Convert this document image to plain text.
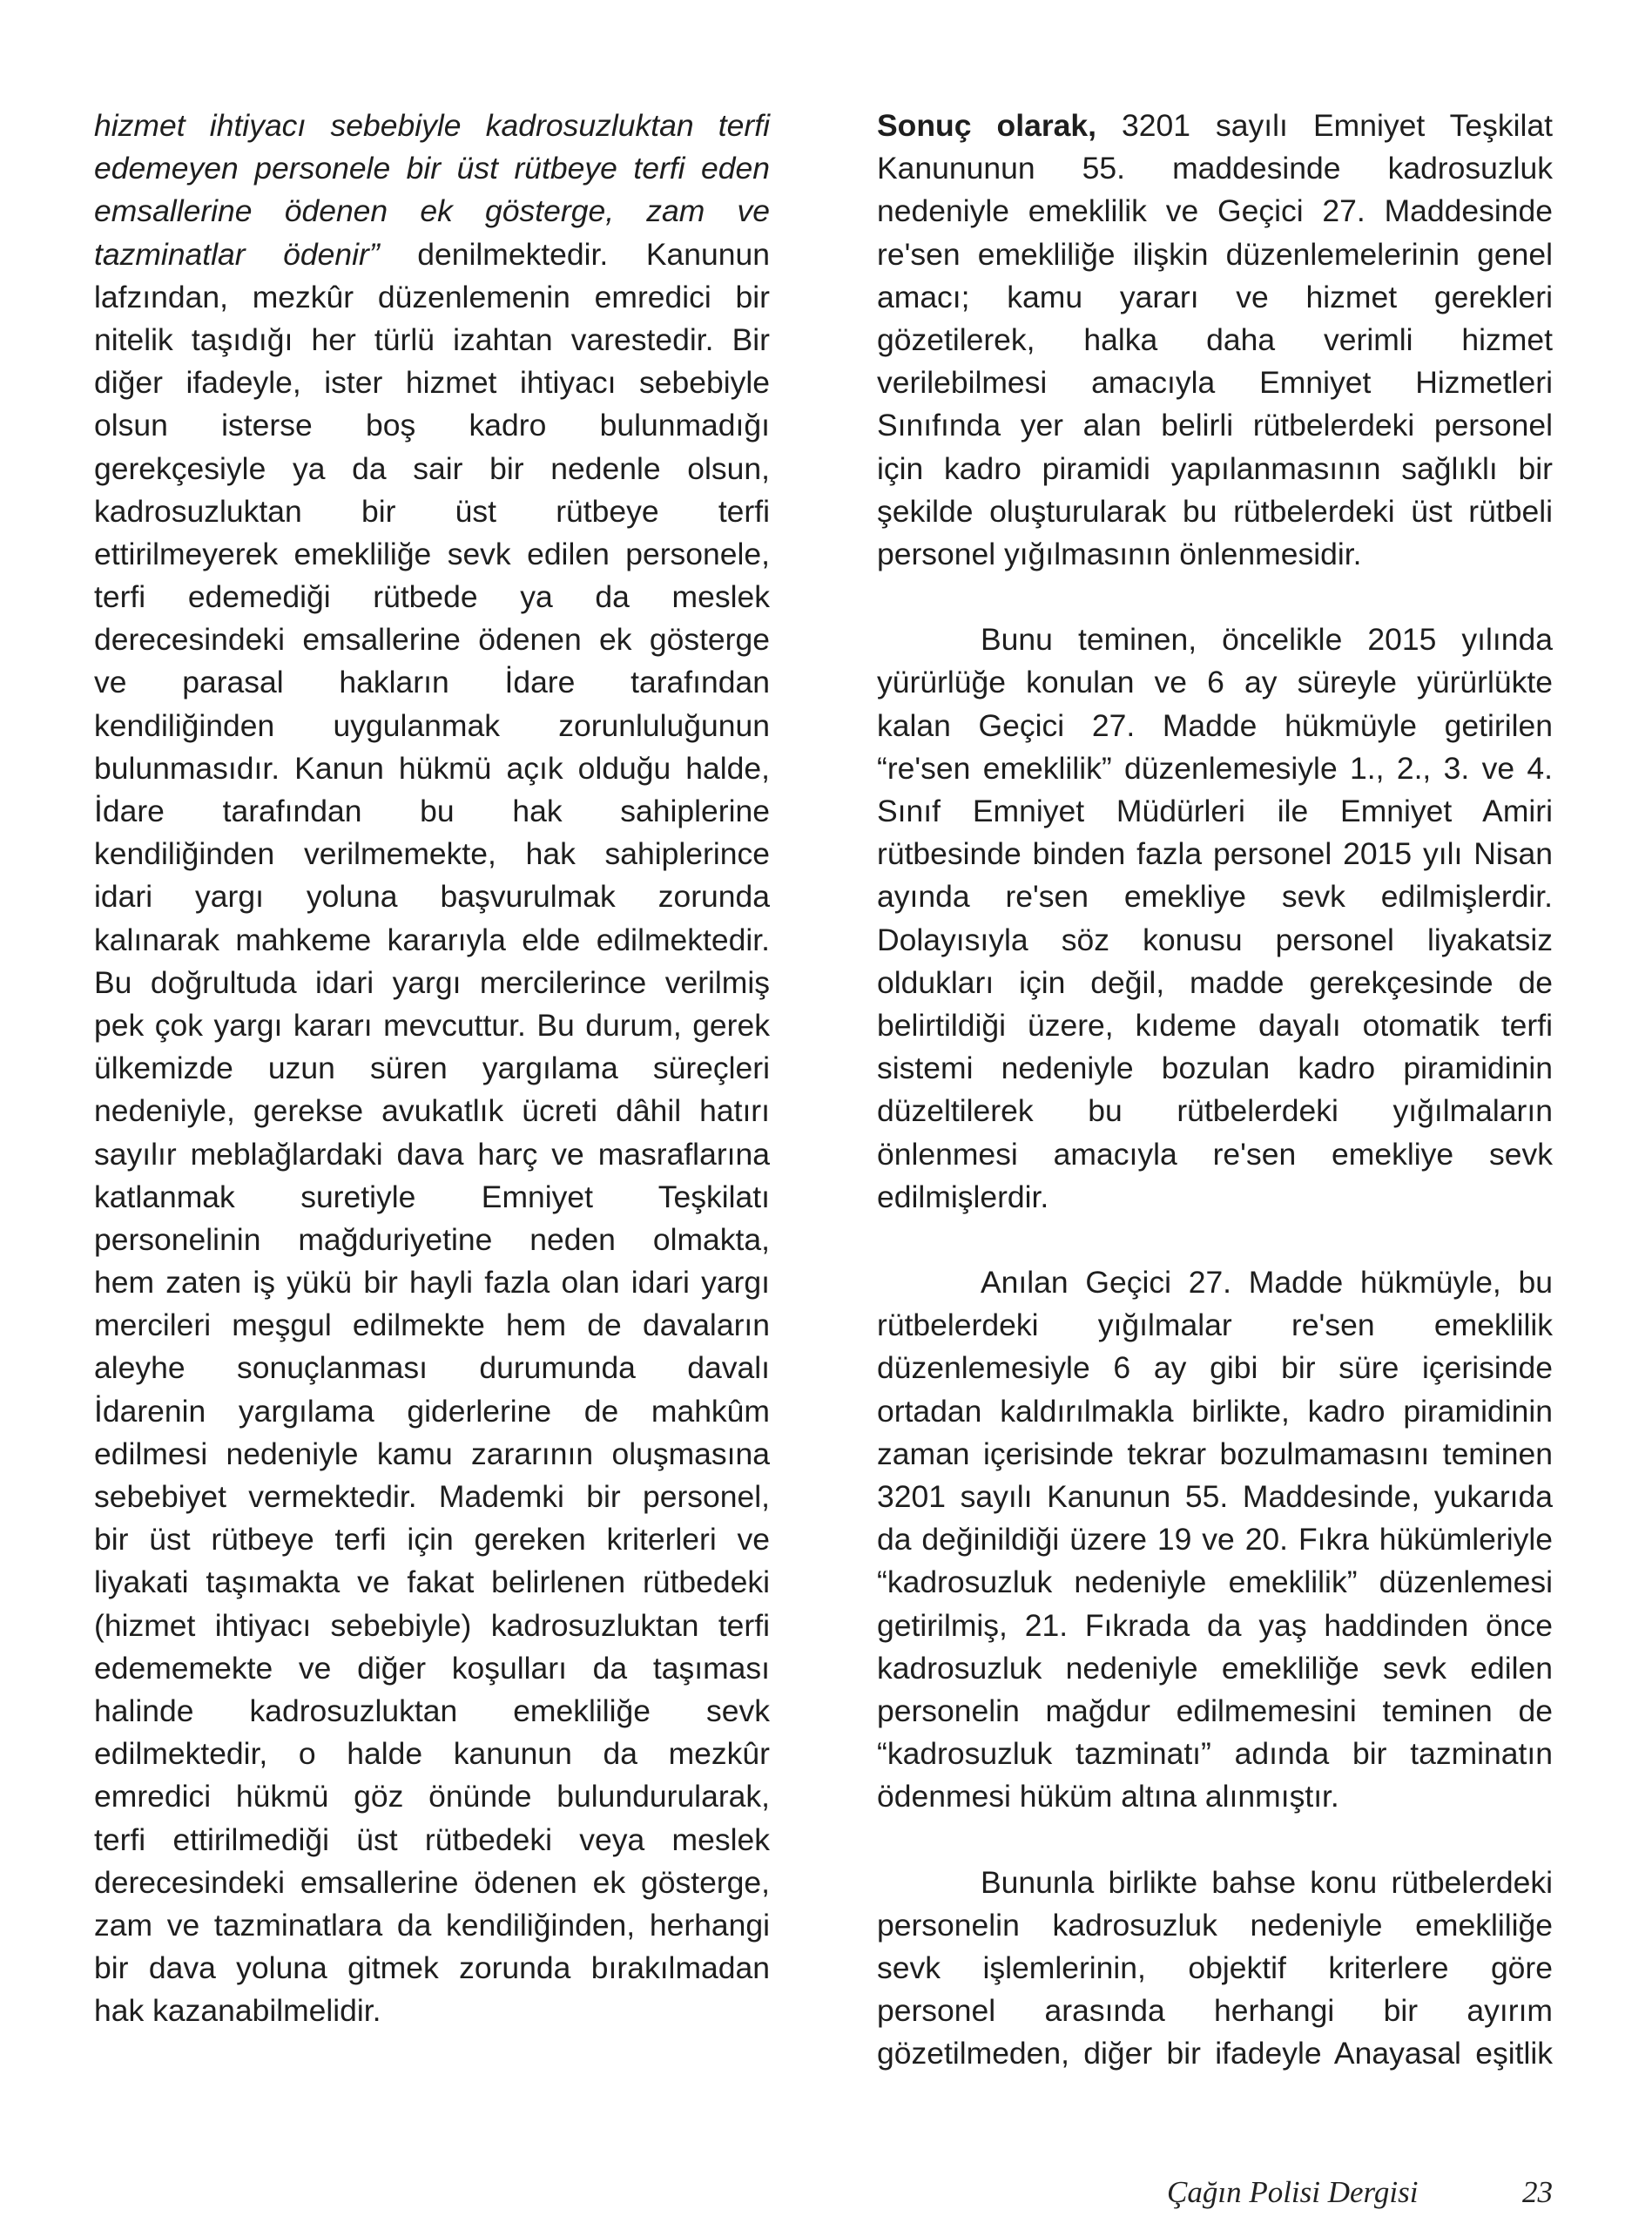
hizmet ihtiyacı sebebiyle kadrosuzluktan terfi
edemeyen personele bir üst rütbeye terfi eden
emsallerine ödenen ek gösterge, zam ve
tazminatlar ödenir” denilmektedir. Kanunun
lafzından, mezkûr düzenlemenin emredici bir
nitelik taşıdığı her türlü izahtan varestedir. Bir
diğer ifadeyle, ister hizmet ihtiyacı sebebiyle
olsun isterse boş kadro bulunmadığı
gerekçesiyle ya da sair bir nedenle olsun,
kadrosuzluktan bir üst rütbeye terfi
ettirilmeyerek emekliliğe sevk edilen personele,
terfi edemediği rütbede ya da meslek
derecesindeki emsallerine ödenen ek gösterge
ve parasal hakların İdare tarafından
kendiliğinden uygulanmak zorunluluğunun
bulunmasıdır. Kanun hükmü açık olduğu halde,
İdare tarafından bu hak sahiplerine
kendiliğinden verilmemekte, hak sahiplerince
idari yargı yoluna başvurulmak zorunda
kalınarak mahkeme kararıyla elde edilmektedir.
Bu doğrultuda idari yargı mercilerince verilmiş
pek çok yargı kararı mevcuttur. Bu durum, gerek
ülkemizde uzun süren yargılama süreçleri
nedeniyle, gerekse avukatlık ücreti dâhil hatırı
sayılır meblağlardaki dava harç ve masraflarına
katlanmak suretiyle Emniyet Teşkilatı
personelinin mağduriyetine neden olmakta,
hem zaten iş yükü bir hayli fazla olan idari yargı
mercileri meşgul edilmekte hem de davaların
aleyhe sonuçlanması durumunda davalı
İdarenin yargılama giderlerine de mahkûm
edilmesi nedeniyle kamu zararının oluşmasına
sebebiyet vermektedir. Mademki bir personel,
bir üst rütbeye terfi için gereken kriterleri ve
liyakati taşımakta ve fakat belirlenen rütbedeki
(hizmet ihtiyacı sebebiyle) kadrosuzluktan terfi
edememekte ve diğer koşulları da taşıması
halinde kadrosuzluktan emekliliğe sevk
edilmektedir, o halde kanunun da mezkûr
emredici hükmü göz önünde bulundurularak,
terfi ettirilmediği üst rütbedeki veya meslek
derecesindeki emsallerine ödenen ek gösterge,
zam ve tazminatlara da kendiliğinden, herhangi
bir dava yoluna gitmek zorunda bırakılmadan
hak kazanabilmelidir.
Sonuç olarak, 3201 sayılı Emniyet Teşkilat
Kanununun 55. maddesinde kadrosuzluk
nedeniyle emeklilik ve Geçici 27. Maddesinde
re'sen emekliliğe ilişkin düzenlemelerinin genel
amacı; kamu yararı ve hizmet gerekleri
gözetilerek, halka daha verimli hizmet
verilebilmesi amacıyla Emniyet Hizmetleri
Sınıfında yer alan belirli rütbelerdeki personel
için kadro piramidi yapılanmasının sağlıklı bir
şekilde oluşturularak bu rütbelerdeki üst rütbeli
personel yığılmasının önlenmesidir.
Bunu teminen, öncelikle 2015 yılında
yürürlüğe konulan ve 6 ay süreyle yürürlükte
kalan Geçici 27. Madde hükmüyle getirilen
“re'sen emeklilik” düzenlemesiyle 1., 2., 3. ve 4.
Sınıf Emniyet Müdürleri ile Emniyet Amiri
rütbesinde binden fazla personel 2015 yılı Nisan
ayında re'sen emekliye sevk edilmişlerdir.
Dolayısıyla söz konusu personel liyakatsiz
oldukları için değil, madde gerekçesinde de
belirtildiği üzere, kıdeme dayalı otomatik terfi
sistemi nedeniyle bozulan kadro piramidinin
düzeltilerek bu rütbelerdeki yığılmaların
önlenmesi amacıyla re'sen emekliye sevk
edilmişlerdir.
Anılan Geçici 27. Madde hükmüyle, bu
rütbelerdeki yığılmalar re'sen emeklilik
düzenlemesiyle 6 ay gibi bir süre içerisinde
ortadan kaldırılmakla birlikte, kadro piramidinin
zaman içerisinde tekrar bozulmamasını teminen
3201 sayılı Kanunun 55. Maddesinde, yukarıda
da değinildiği üzere 19 ve 20. Fıkra hükümleriyle
“kadrosuzluk nedeniyle emeklilik” düzenlemesi
getirilmiş, 21. Fıkrada da yaş haddinden önce
kadrosuzluk nedeniyle emekliliğe sevk edilen
personelin mağdur edilmemesini teminen de
“kadrosuzluk tazminatı” adında bir tazminatın
ödenmesi hüküm altına alınmıştır.
Bununla birlikte bahse konu rütbelerdeki
personelin kadrosuzluk nedeniyle emekliliğe
sevk işlemlerinin, objektif kriterlere göre
personel arasında herhangi bir ayırım
gözetilmeden, diğer bir ifadeyle Anayasal eşitlik
Çağın Polisi Dergisi	23
